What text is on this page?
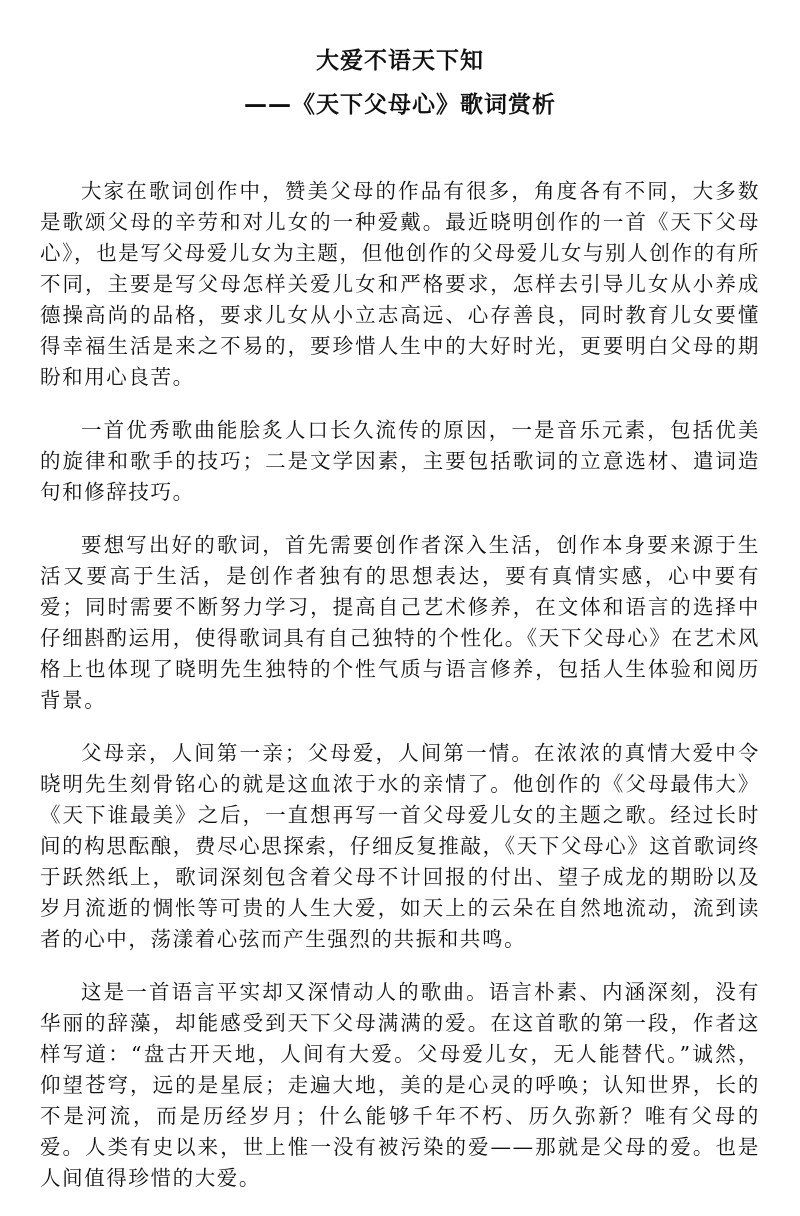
大爱不语天下知
——《天下父母心》歌词赏析

大家在歌词创作中，赞美父母的作品有很多，角度各有不同，大多数是歌颂父母的辛劳和对儿女的一种爱戴。最近晓明创作的一首《天下父母心》，也是写父母爱儿女为主题，但他创作的父母爱儿女与别人创作的有所不同，主要是写父母怎样关爱儿女和严格要求，怎样去引导儿女从小养成德操高尚的品格，要求儿女从小立志高远、心存善良，同时教育儿女要懂得幸福生活是来之不易的，要珍惜人生中的大好时光，更要明白父母的期盼和用心良苦。

一首优秀歌曲能脍炙人口长久流传的原因，一是音乐元素，包括优美的旋律和歌手的技巧；二是文学因素，主要包括歌词的立意选材、遣词造句和修辞技巧。

要想写出好的歌词，首先需要创作者深入生活，创作本身要来源于生活又要高于生活，是创作者独有的思想表达，要有真情实感，心中要有爱；同时需要不断努力学习，提高自己艺术修养，在文体和语言的选择中仔细斟酌运用，使得歌词具有自己独特的个性化。《天下父母心》在艺术风格上也体现了晓明先生独特的个性气质与语言修养，包括人生体验和阅历背景。

父母亲，人间第一亲；父母爱，人间第一情。在浓浓的真情大爱中令晓明先生刻骨铭心的就是这血浓于水的亲情了。他创作的《父母最伟大》《天下谁最美》之后，一直想再写一首父母爱儿女的主题之歌。经过长时间的构思酝酿，费尽心思探索，仔细反复推敲，《天下父母心》这首歌词终于跃然纸上，歌词深刻包含着父母不计回报的付出、望子成龙的期盼以及岁月流逝的惆怅等可贵的人生大爱，如天上的云朵在自然地流动，流到读者的心中，荡漾着心弦而产生强烈的共振和共鸣。

这是一首语言平实却又深情动人的歌曲。语言朴素、内涵深刻，没有华丽的辞藻，却能感受到天下父母满满的爱。在这首歌的第一段，作者这样写道：“盘古开天地，人间有大爱。父母爱儿女，无人能替代。”诚然，仰望苍穹，远的是星辰；走遍大地，美的是心灵的呼唤；认知世界，长的不是河流，而是历经岁月；什么能够千年不朽、历久弥新？唯有父母的爱。人类有史以来，世上惟一没有被污染的爱——那就是父母的爱。也是人间值得珍惜的大爱。
